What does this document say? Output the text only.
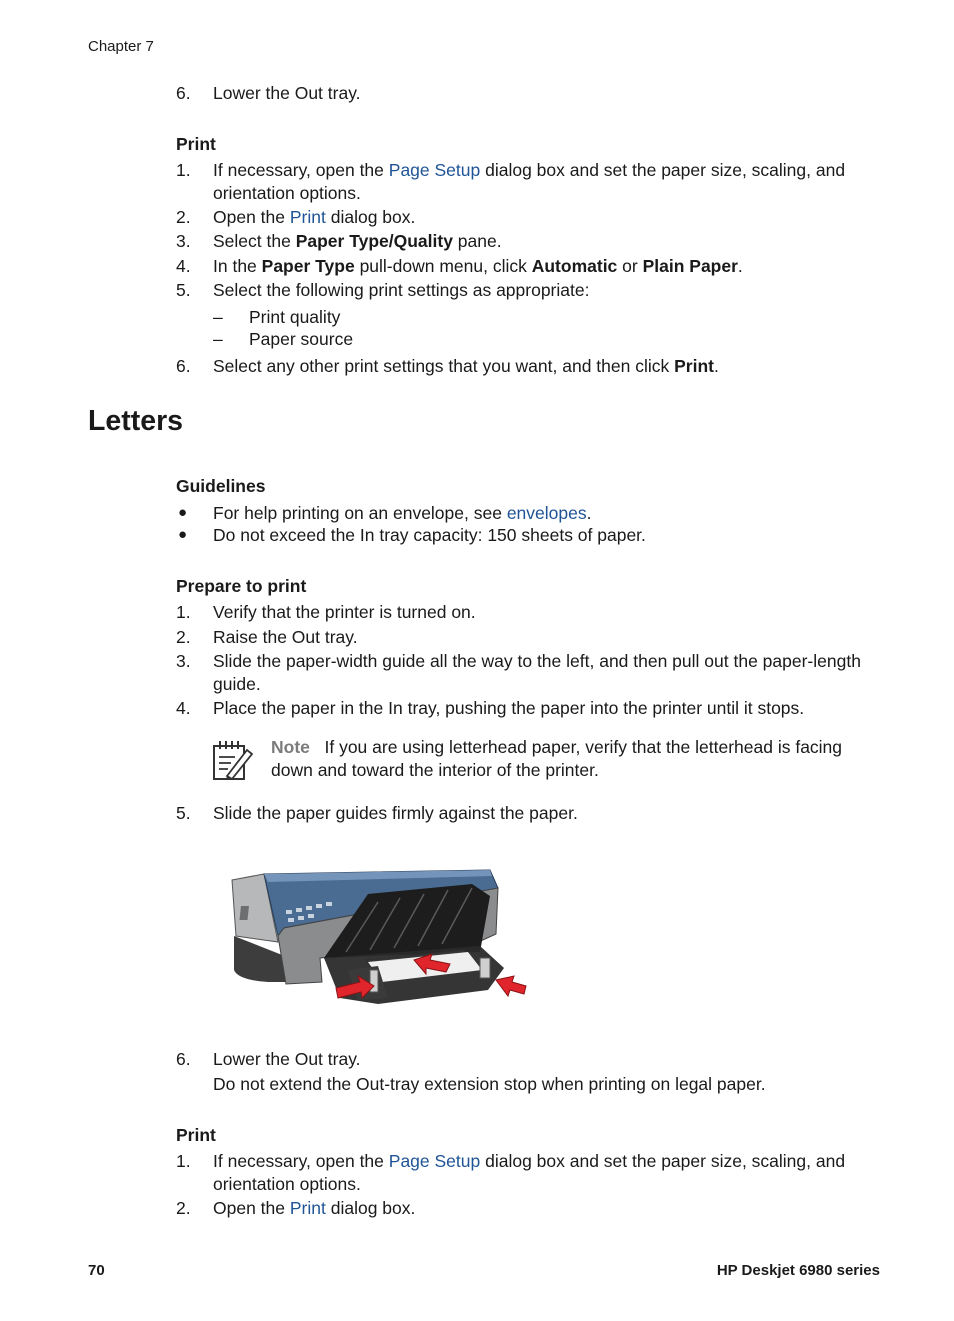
Chapter 7
6. Lower the Out tray.
Print
1. If necessary, open the Page Setup dialog box and set the paper size, scaling, and orientation options.
2. Open the Print dialog box.
3. Select the Paper Type/Quality pane.
4. In the Paper Type pull-down menu, click Automatic or Plain Paper.
5. Select the following print settings as appropriate:
– Print quality
– Paper source
6. Select any other print settings that you want, and then click Print.
Letters
Guidelines
● For help printing on an envelope, see envelopes.
● Do not exceed the In tray capacity: 150 sheets of paper.
Prepare to print
1. Verify that the printer is turned on.
2. Raise the Out tray.
3. Slide the paper-width guide all the way to the left, and then pull out the paper-length guide.
4. Place the paper in the In tray, pushing the paper into the printer until it stops.
Note If you are using letterhead paper, verify that the letterhead is facing down and toward the interior of the printer.
5. Slide the paper guides firmly against the paper.
6. Lower the Out tray.
Do not extend the Out-tray extension stop when printing on legal paper.
Print
1. If necessary, open the Page Setup dialog box and set the paper size, scaling, and orientation options.
2. Open the Print dialog box.
70	HP Deskjet 6980 series
